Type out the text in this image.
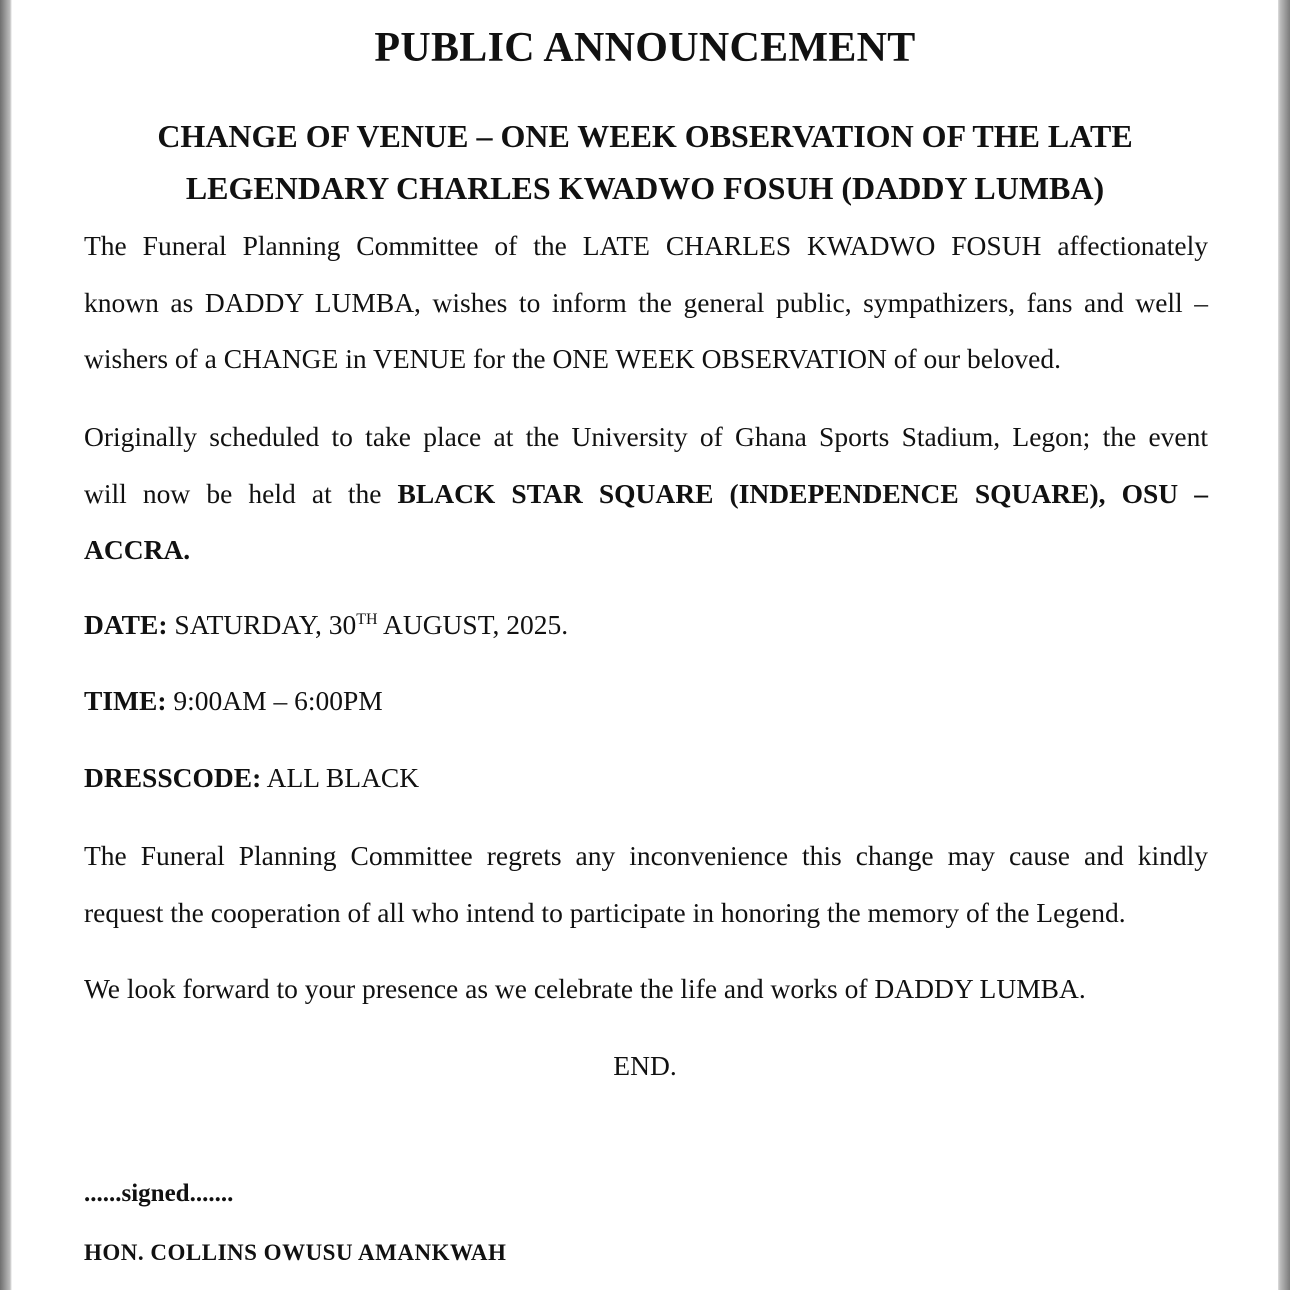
PUBLIC ANNOUNCEMENT
CHANGE OF VENUE – ONE WEEK OBSERVATION OF THE LATE
LEGENDARY CHARLES KWADWO FOSUH (DADDY LUMBA)
The Funeral Planning Committee of the LATE CHARLES KWADWO FOSUH affectionately
known as DADDY LUMBA, wishes to inform the general public, sympathizers, fans and well –
wishers of a CHANGE in VENUE for the ONE WEEK OBSERVATION of our beloved.
Originally scheduled to take place at the University of Ghana Sports Stadium, Legon; the event
will now be held at the BLACK STAR SQUARE (INDEPENDENCE SQUARE), OSU –
ACCRA.
DATE: SATURDAY, 30TH AUGUST, 2025.
TIME: 9:00AM – 6:00PM
DRESSCODE: ALL BLACK
The Funeral Planning Committee regrets any inconvenience this change may cause and kindly
request the cooperation of all who intend to participate in honoring the memory of the Legend.
We look forward to your presence as we celebrate the life and works of DADDY LUMBA.
END.
......signed.......
HON. COLLINS OWUSU AMANKWAH
